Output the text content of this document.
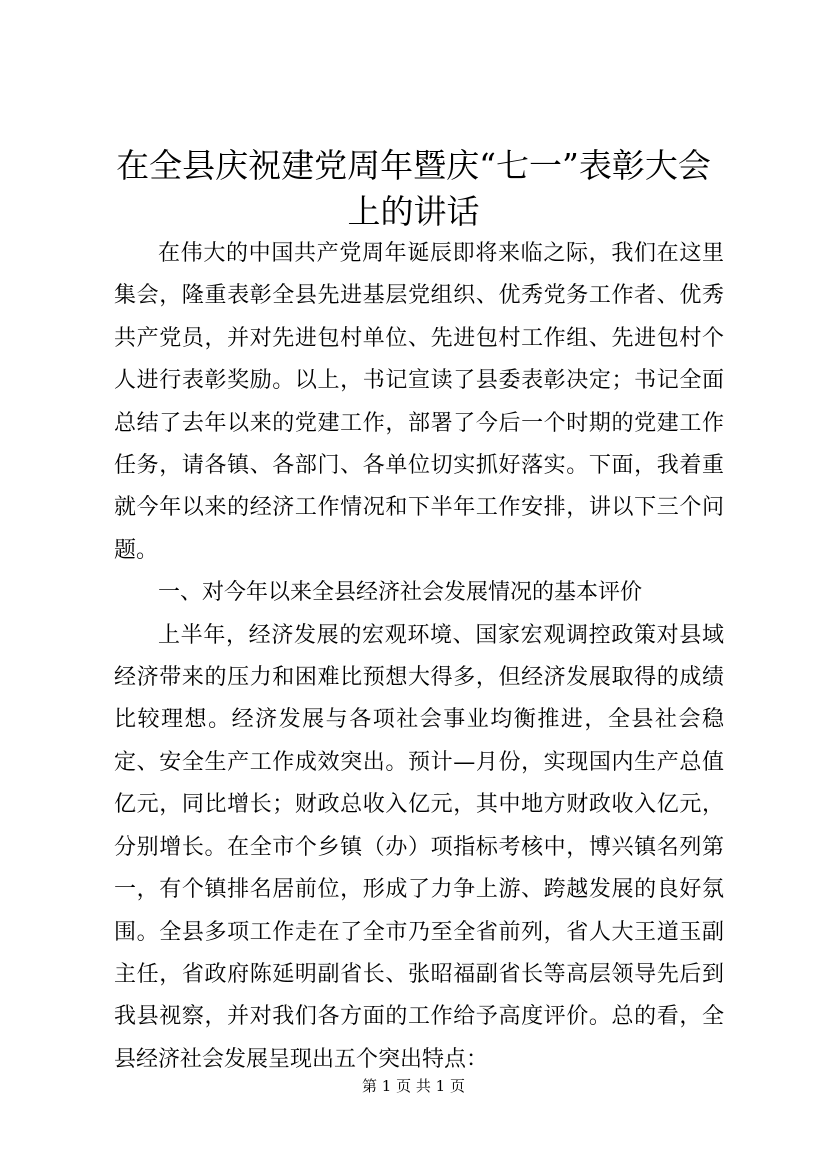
在全县庆祝建党周年暨庆“七一”表彰大会上的讲话

在伟大的中国共产党周年诞辰即将来临之际，我们在这里集会，隆重表彰全县先进基层党组织、优秀党务工作者、优秀共产党员，并对先进包村单位、先进包村工作组、先进包村个人进行表彰奖励。以上，书记宣读了县委表彰决定；书记全面总结了去年以来的党建工作，部署了今后一个时期的党建工作任务，请各镇、各部门、各单位切实抓好落实。下面，我着重就今年以来的经济工作情况和下半年工作安排，讲以下三个问题。

一、对今年以来全县经济社会发展情况的基本评价

上半年，经济发展的宏观环境、国家宏观调控政策对县域经济带来的压力和困难比预想大得多，但经济发展取得的成绩比较理想。经济发展与各项社会事业均衡推进，全县社会稳定、安全生产工作成效突出。预计—月份，实现国内生产总值亿元，同比增长；财政总收入亿元，其中地方财政收入亿元，分别增长。在全市个乡镇（办）项指标考核中，博兴镇名列第一，有个镇排名居前位，形成了力争上游、跨越发展的良好氛围。全县多项工作走在了全市乃至全省前列，省人大王道玉副主任，省政府陈延明副省长、张昭福副省长等高层领导先后到我县视察，并对我们各方面的工作给予高度评价。总的看，全县经济社会发展呈现出五个突出特点：

第 1 页 共 1 页
